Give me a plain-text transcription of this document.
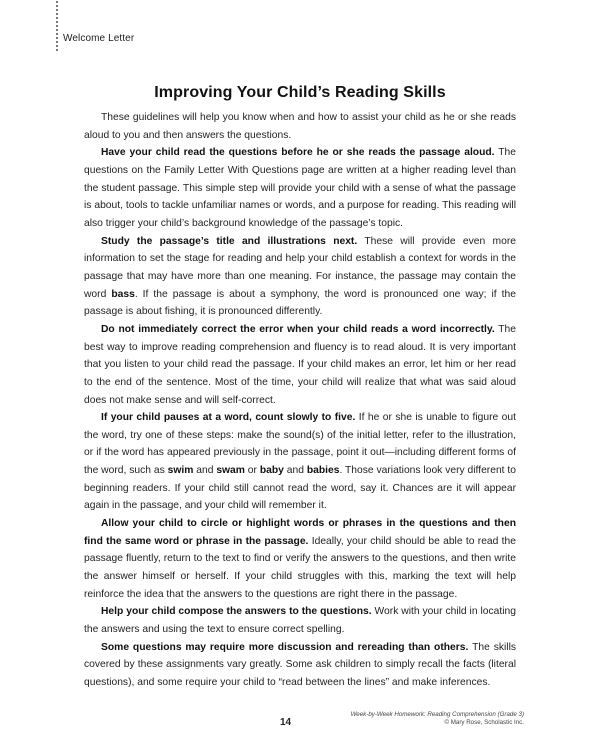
Welcome Letter
Improving Your Child’s Reading Skills

These guidelines will help you know when and how to assist your child as he or she reads aloud to you and then answers the questions.

Have your child read the questions before he or she reads the passage aloud. The questions on the Family Letter With Questions page are written at a higher reading level than the student passage. This simple step will provide your child with a sense of what the passage is about, tools to tackle unfamiliar names or words, and a purpose for reading. This reading will also trigger your child’s background knowledge of the passage’s topic.

Study the passage’s title and illustrations next. These will provide even more information to set the stage for reading and help your child establish a context for words in the passage that may have more than one meaning. For instance, the passage may contain the word bass. If the passage is about a symphony, the word is pronounced one way; if the passage is about fishing, it is pronounced differently.

Do not immediately correct the error when your child reads a word incorrectly. The best way to improve reading comprehension and fluency is to read aloud. It is very important that you listen to your child read the passage. If your child makes an error, let him or her read to the end of the sentence. Most of the time, your child will realize that what was said aloud does not make sense and will self-correct.

If your child pauses at a word, count slowly to five. If he or she is unable to figure out the word, try one of these steps: make the sound(s) of the initial letter, refer to the illustration, or if the word has appeared previously in the passage, point it out—including different forms of the word, such as swim and swam or baby and babies. Those variations look very different to beginning readers. If your child still cannot read the word, say it. Chances are it will appear again in the passage, and your child will remember it.

Allow your child to circle or highlight words or phrases in the questions and then find the same word or phrase in the passage. Ideally, your child should be able to read the passage fluently, return to the text to find or verify the answers to the questions, and then write the answer himself or herself. If your child struggles with this, marking the text will help reinforce the idea that the answers to the questions are right there in the passage.

Help your child compose the answers to the questions. Work with your child in locating the answers and using the text to ensure correct spelling.

Some questions may require more discussion and rereading than others. The skills covered by these assignments vary greatly. Some ask children to simply recall the facts (literal questions), and some require your child to “read between the lines” and make inferences.

14
Week-by-Week Homework: Reading Comprehension (Grade 3)
© Mary Rose, Scholastic Inc.
